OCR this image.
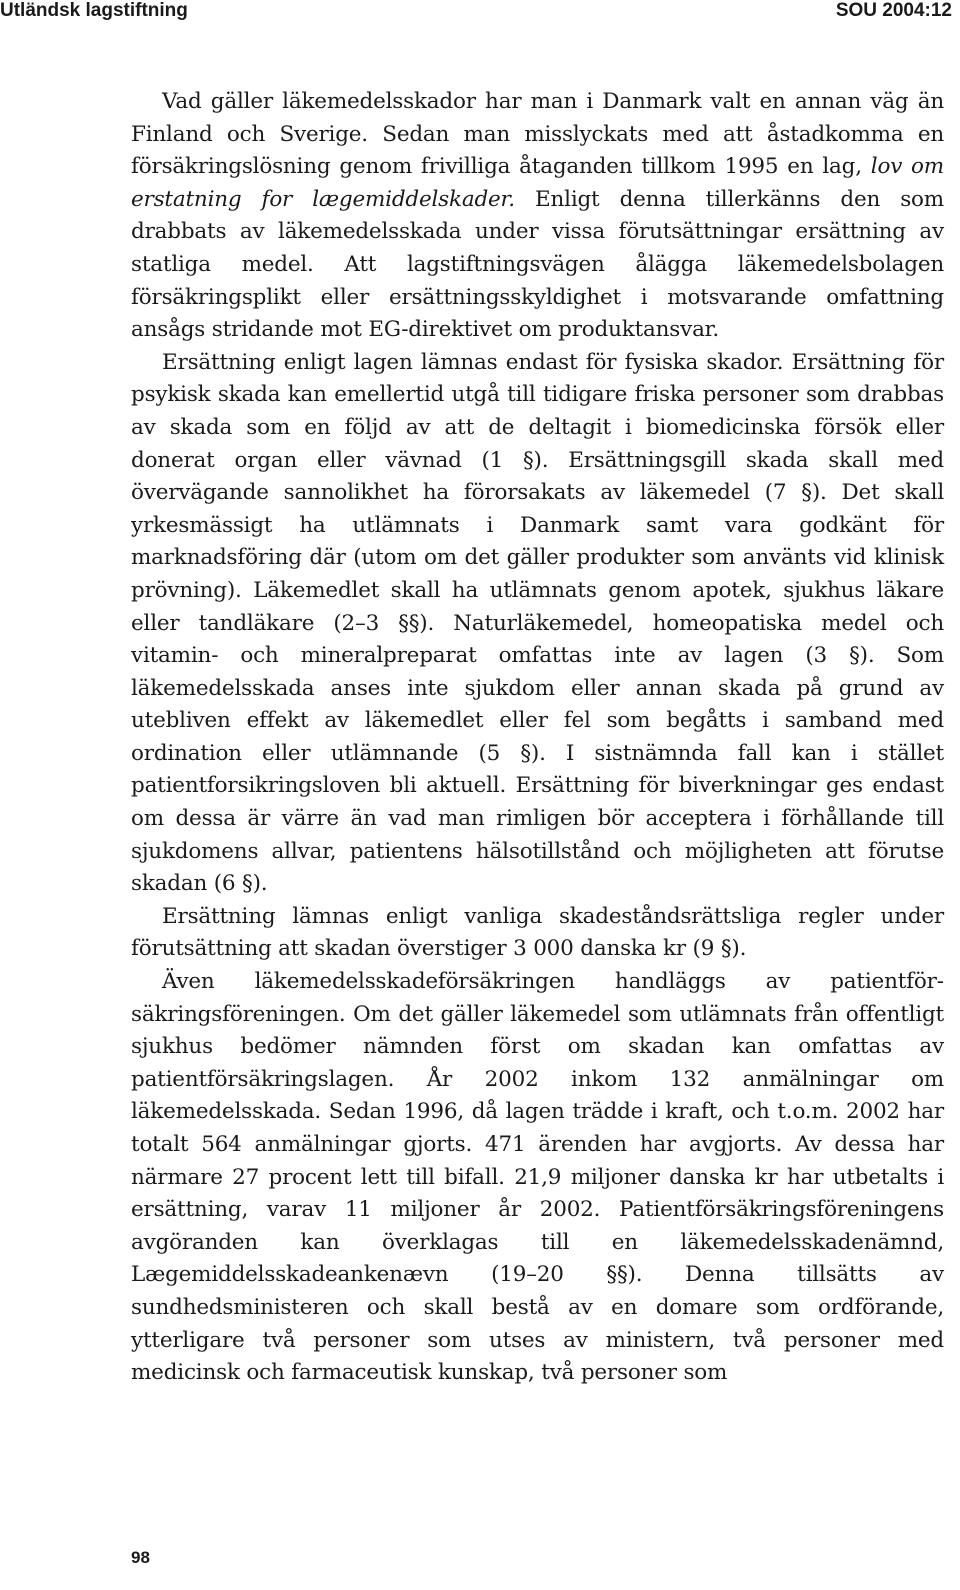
Utländsk lagstiftning	SOU 2004:12

Vad gäller läkemedelsskador har man i Danmark valt en annan väg än Finland och Sverige. Sedan man misslyckats med att åstadkomma en försäkringslösning genom frivilliga åtaganden tillkom 1995 en lag, lov om erstatning for lægemiddelskader. Enligt denna tillerkänns den som drabbats av läkemedelsskada under vissa förutsättningar ersättning av statliga medel. Att lagstiftningsvägen ålägga läkemedelsbolagen försäkringsplikt eller ersättningsskyldighet i motsvarande omfattning ansågs stridande mot EG-direktivet om produktansvar.

Ersättning enligt lagen lämnas endast för fysiska skador. Ersättning för psykisk skada kan emellertid utgå till tidigare friska personer som drabbas av skada som en följd av att de deltagit i biomedicinska försök eller donerat organ eller vävnad (1 §). Ersättningsgill skada skall med övervägande sannolikhet ha förorsakats av läkemedel (7 §). Det skall yrkesmässigt ha utlämnats i Danmark samt vara godkänt för marknadsföring där (utom om det gäller produkter som använts vid klinisk prövning). Läkemedlet skall ha utlämnats genom apotek, sjukhus läkare eller tandläkare (2–3 §§). Naturläkemedel, homeopatiska medel och vitamin- och mineralpreparat omfattas inte av lagen (3 §). Som läkemedelsskada anses inte sjukdom eller annan skada på grund av utebliven effekt av läkemedlet eller fel som begåtts i samband med ordination eller utlämnande (5 §). I sistnämnda fall kan i stället patientforsikringsloven bli aktuell. Ersättning för biverkningar ges endast om dessa är värre än vad man rimligen bör acceptera i förhållande till sjukdomens allvar, patientens hälsotillstånd och möjligheten att förutse skadan (6 §).

Ersättning lämnas enligt vanliga skadeståndsrättsliga regler under förutsättning att skadan överstiger 3 000 danska kr (9 §).

Även läkemedelsskadeförsäkringen handläggs av patientförsäkringsföreningen. Om det gäller läkemedel som utlämnats från offentligt sjukhus bedömer nämnden först om skadan kan omfattas av patientförsäkringslagen. År 2002 inkom 132 anmälningar om läkemedelsskada. Sedan 1996, då lagen trädde i kraft, och t.o.m. 2002 har totalt 564 anmälningar gjorts. 471 ärenden har avgjorts. Av dessa har närmare 27 procent lett till bifall. 21,9 miljoner danska kr har utbetalts i ersättning, varav 11 miljoner år 2002. Patientförsäkringsföreningens avgöranden kan överklagas till en läkemedelsskadenämnd, Lægemiddelsskadeankenævn (19–20 §§). Denna tillsätts av sundhedsministeren och skall bestå av en domare som ordförande, ytterligare två personer som utses av ministern, två personer med medicinsk och farmaceutisk kunskap, två personer som

98
